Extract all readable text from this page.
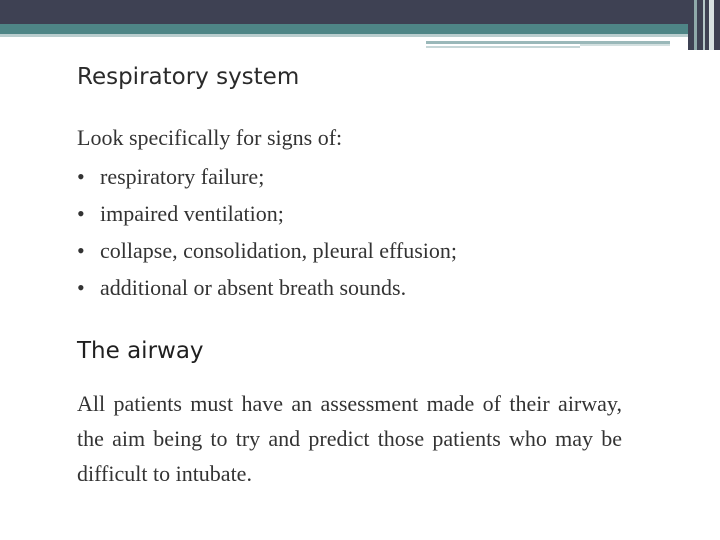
Respiratory system

Look specifically for signs of:

• respiratory failure;
• impaired ventilation;
• collapse, consolidation, pleural effusion;
• additional or absent breath sounds.
The airway

All patients must have an assessment made of their airway, the aim being to try and predict those patients who may be difficult to intubate.
